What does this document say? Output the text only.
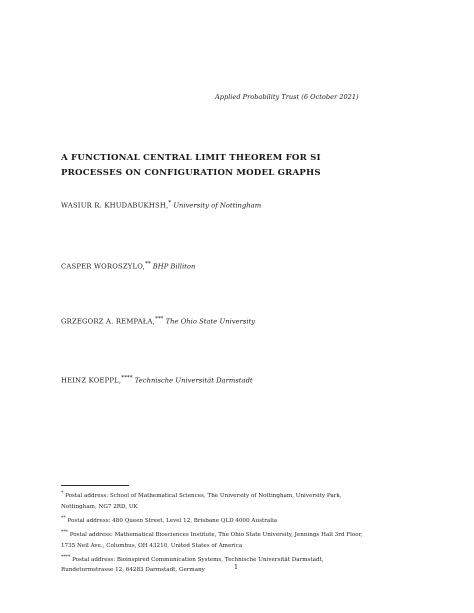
Applied Probability Trust (6 October 2021)
A FUNCTIONAL CENTRAL LIMIT THEOREM FOR SI PROCESSES ON CONFIGURATION MODEL GRAPHS
WASIUR R. KHUDABUKHSH,* University of Nottingham
CASPER WOROSZYLO,** BHP Billiton
GRZEGORZ A. REMPAŁA,*** The Ohio State University
HEINZ KOEPPL,**** Technische Universität Darmstadt

* Postal address: School of Mathematical Sciences, The University of Nottingham, University Park, Nottingham, NG7 2RD, UK

** Postal address: 480 Queen Street, Level 12, Brisbane QLD 4000 Australia

*** Postal address: Mathematical Biosciences Institute, The Ohio State University, Jennings Hall 3rd Floor, 1735 Neil Ave., Columbus, OH 43210, United States of America

**** Postal address: Bioinspired Communication Systems, Technische Universität Darmstadt, Rundeturmstrasse 12, 64283 Darmstadt, Germany	1
